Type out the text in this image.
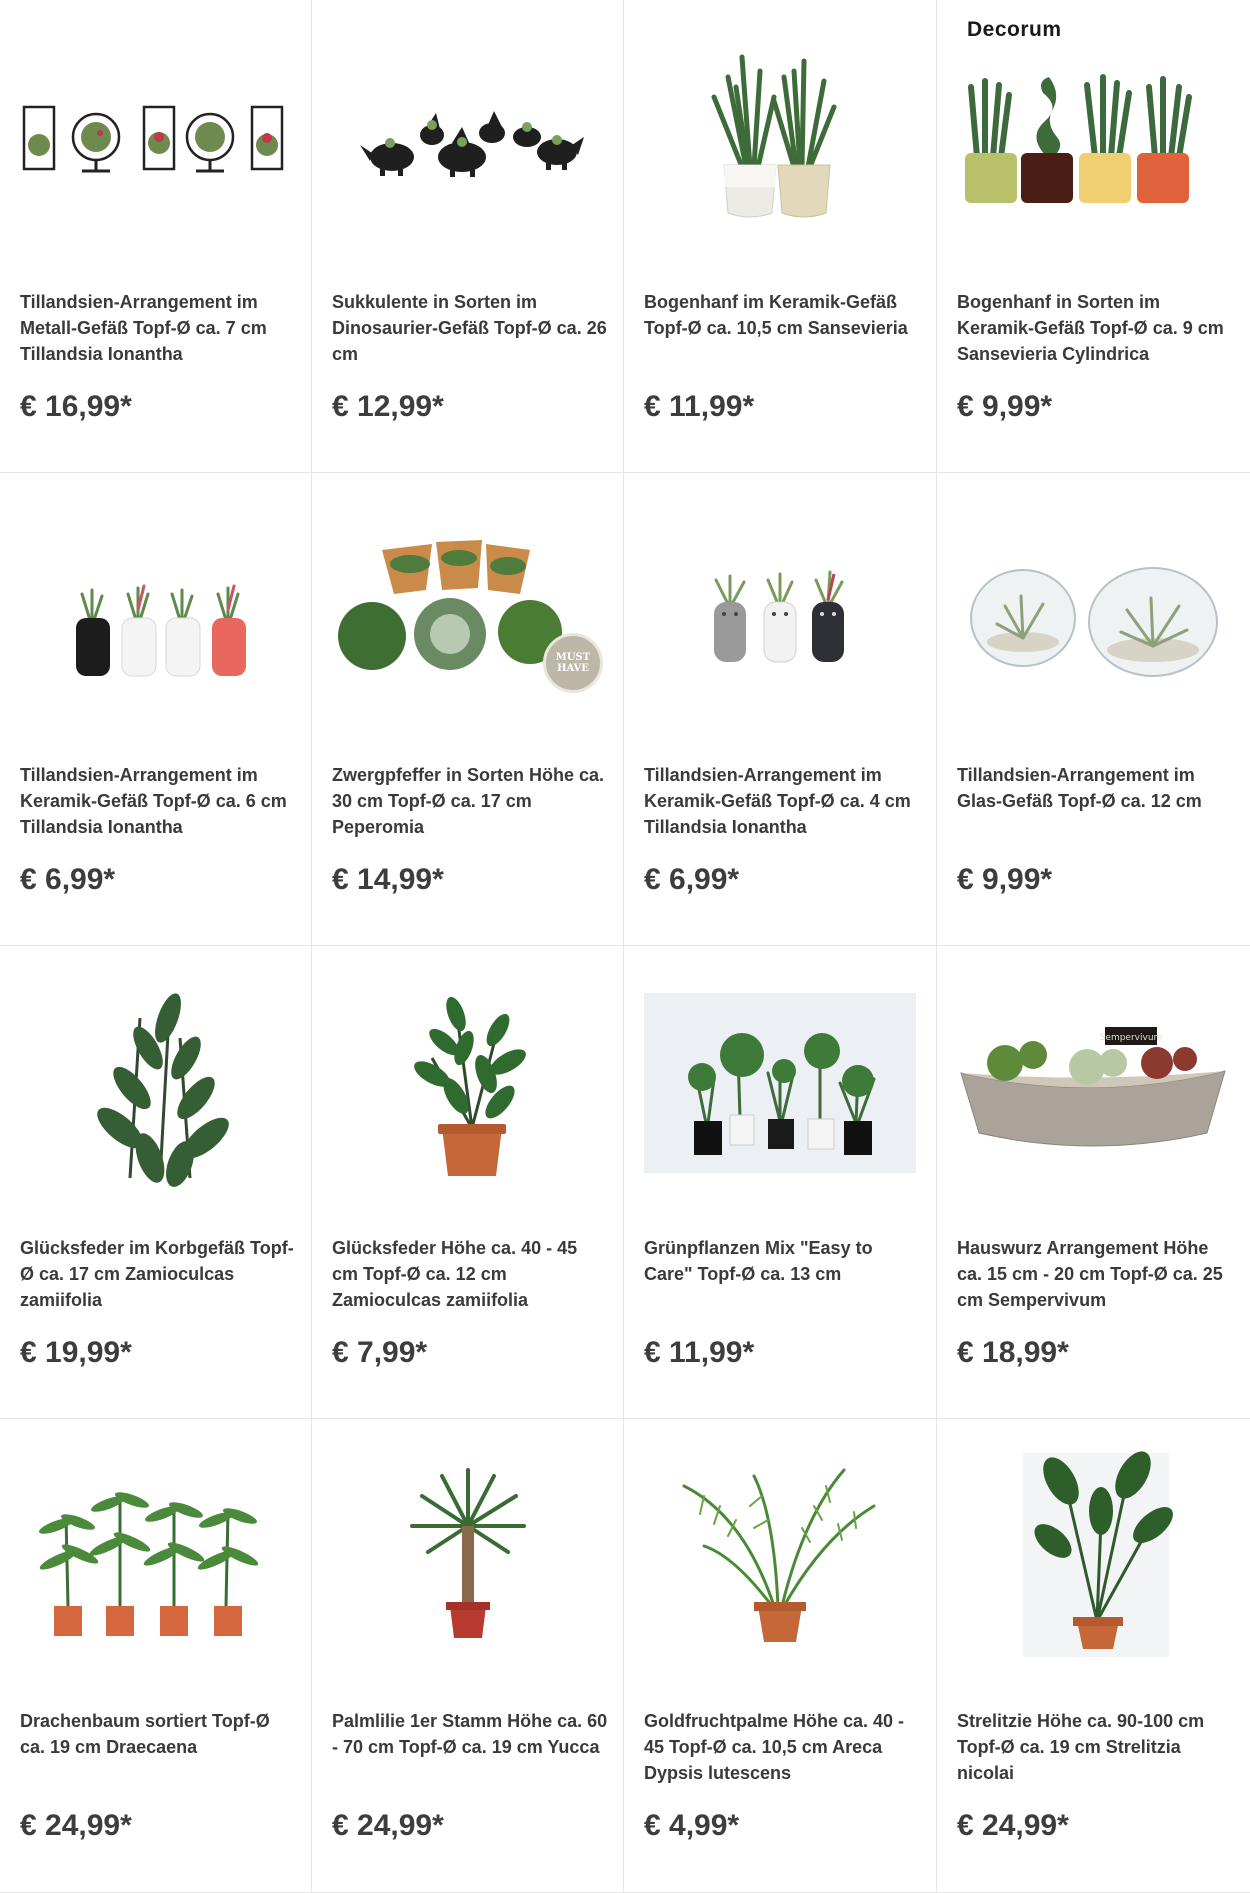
Tillandsien-Arrangement im Metall-Gefäß Topf-Ø ca. 7 cm Tillandsia Ionantha
€ 16,99*
Sukkulente in Sorten im Dinosaurier-Gefäß Topf-Ø ca. 26 cm
€ 12,99*
Bogenhanf im Keramik-Gefäß Topf-Ø ca. 10,5 cm Sansevieria
€ 11,99*
Decorum
Bogenhanf in Sorten im Keramik-Gefäß Topf-Ø ca. 9 cm Sansevieria Cylindrica
€ 9,99*
Tillandsien-Arrangement im Keramik-Gefäß Topf-Ø ca. 6 cm Tillandsia Ionantha
€ 6,99*
MUST HAVE
Zwergpfeffer in Sorten Höhe ca. 30 cm Topf-Ø ca. 17 cm Peperomia
€ 14,99*
Tillandsien-Arrangement im Keramik-Gefäß Topf-Ø ca. 4 cm Tillandsia Ionantha
€ 6,99*
Tillandsien-Arrangement im Glas-Gefäß Topf-Ø ca. 12 cm
€ 9,99*
Glücksfeder im Korbgefäß Topf-Ø ca. 17 cm Zamioculcas zamiifolia
€ 19,99*
Glücksfeder Höhe ca. 40 - 45 cm Topf-Ø ca. 12 cm Zamioculcas zamiifolia
€ 7,99*
Grünpflanzen Mix "Easy to Care" Topf-Ø ca. 13 cm
€ 11,99*
Sempervivum
Hauswurz Arrangement Höhe ca. 15 cm - 20 cm Topf-Ø ca. 25 cm Sempervivum
€ 18,99*
Drachenbaum sortiert Topf-Ø ca. 19 cm Draecaena
€ 24,99*
Palmlilie 1er Stamm Höhe ca. 60 - 70 cm Topf-Ø ca. 19 cm Yucca
€ 24,99*
Goldfruchtpalme Höhe ca. 40 - 45 Topf-Ø ca. 10,5 cm Areca Dypsis lutescens
€ 4,99*
Strelitzie Höhe ca. 90-100 cm Topf-Ø ca. 19 cm Strelitzia nicolai
€ 24,99*
